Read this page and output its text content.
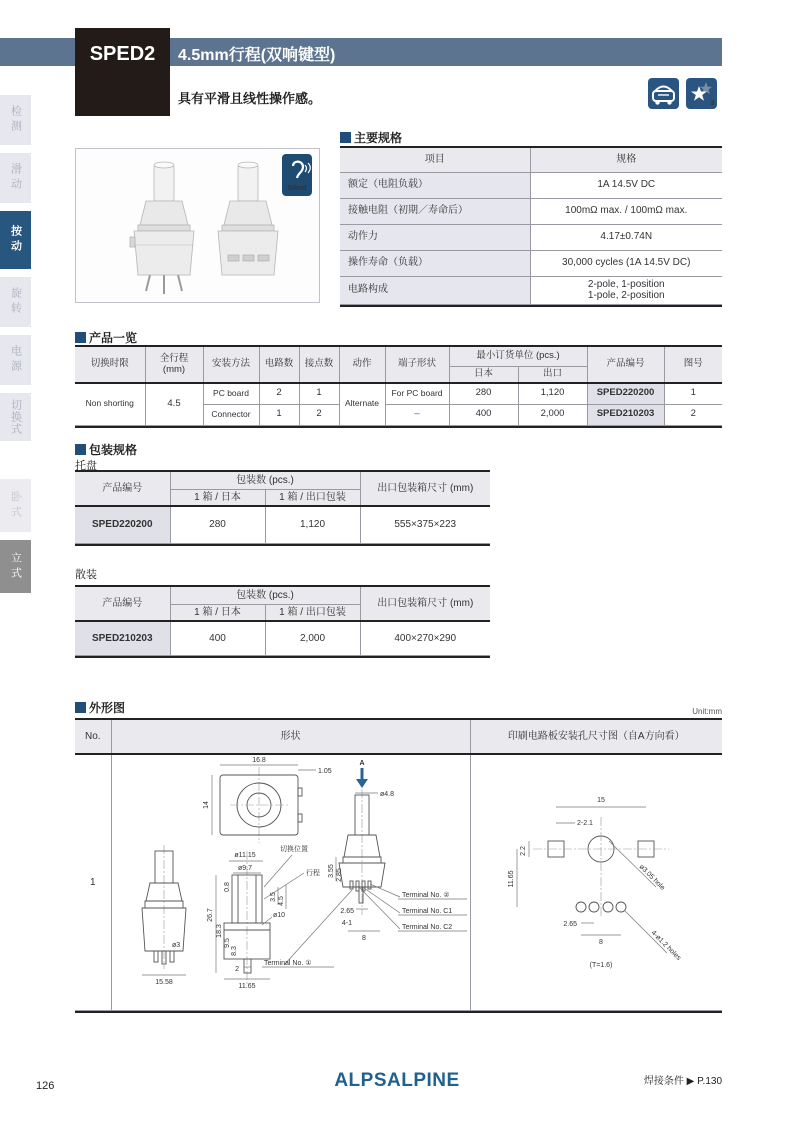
检测
滑动
按动
旋转
电源
切换式
卧式
立式
4.5mm行程(双响键型)
SPED2
具有平滑且线性操作感。	3
Silent
主要规格
项目	规格
额定（电阻负载）	1A 14.5V DC
接触电阻（初期／寿命后）	100mΩ max. / 100mΩ max.
动作力	4.17±0.74N
操作寿命（负载）	30,000 cycles (1A 14.5V DC)
电路构成	2-pole, 1-position
1-pole, 2-position
产品一览
切换时限	全行程
(mm)	安装方法	电路数	接点数	动作	端子形状	最小订货单位 (pcs.)		产品编号	图号
							日本	出口		
Non shorting	4.5	PC board	2	1	Alternate	For PC board	280	1,120	SPED220200	1
		Connector	1	2		–	400	2,000	SPED210203	2
包装规格
托盘
产品编号	包装数 (pcs.)		出口包装箱尺寸 (mm)
	1 箱 / 日本	1 箱 / 出口包装	
SPED220200	280	1,120	555×375×223
散装
产品编号	包装数 (pcs.)		出口包装箱尺寸 (mm)
	1 箱 / 日本	1 箱 / 出口包装	
SPED210203	400	2,000	400×270×290
外形图	Unit:mm
No.	形状	印刷电路板安装孔尺寸图（自A方向看）
1	
16.8
1.05
14
ø3
15.58
ø11.15
ø9.7
26.7
18.3
9.5
8.3
0.8
切换位置
行程
ø10
3.5 4.5
2
11.65
A
ø4.8
3.55 2.85
2.65
4-1
8
Terminal No. ②
Terminal No. C1
Terminal No. C2
Terminal No. ①

15
2-2.1
2.2
11.65	ø3.05 hole
4-ø1.2 holes
2.65
8
(T=1.6)
126	ALPSALPINE	焊接条件 ▶ P.130
